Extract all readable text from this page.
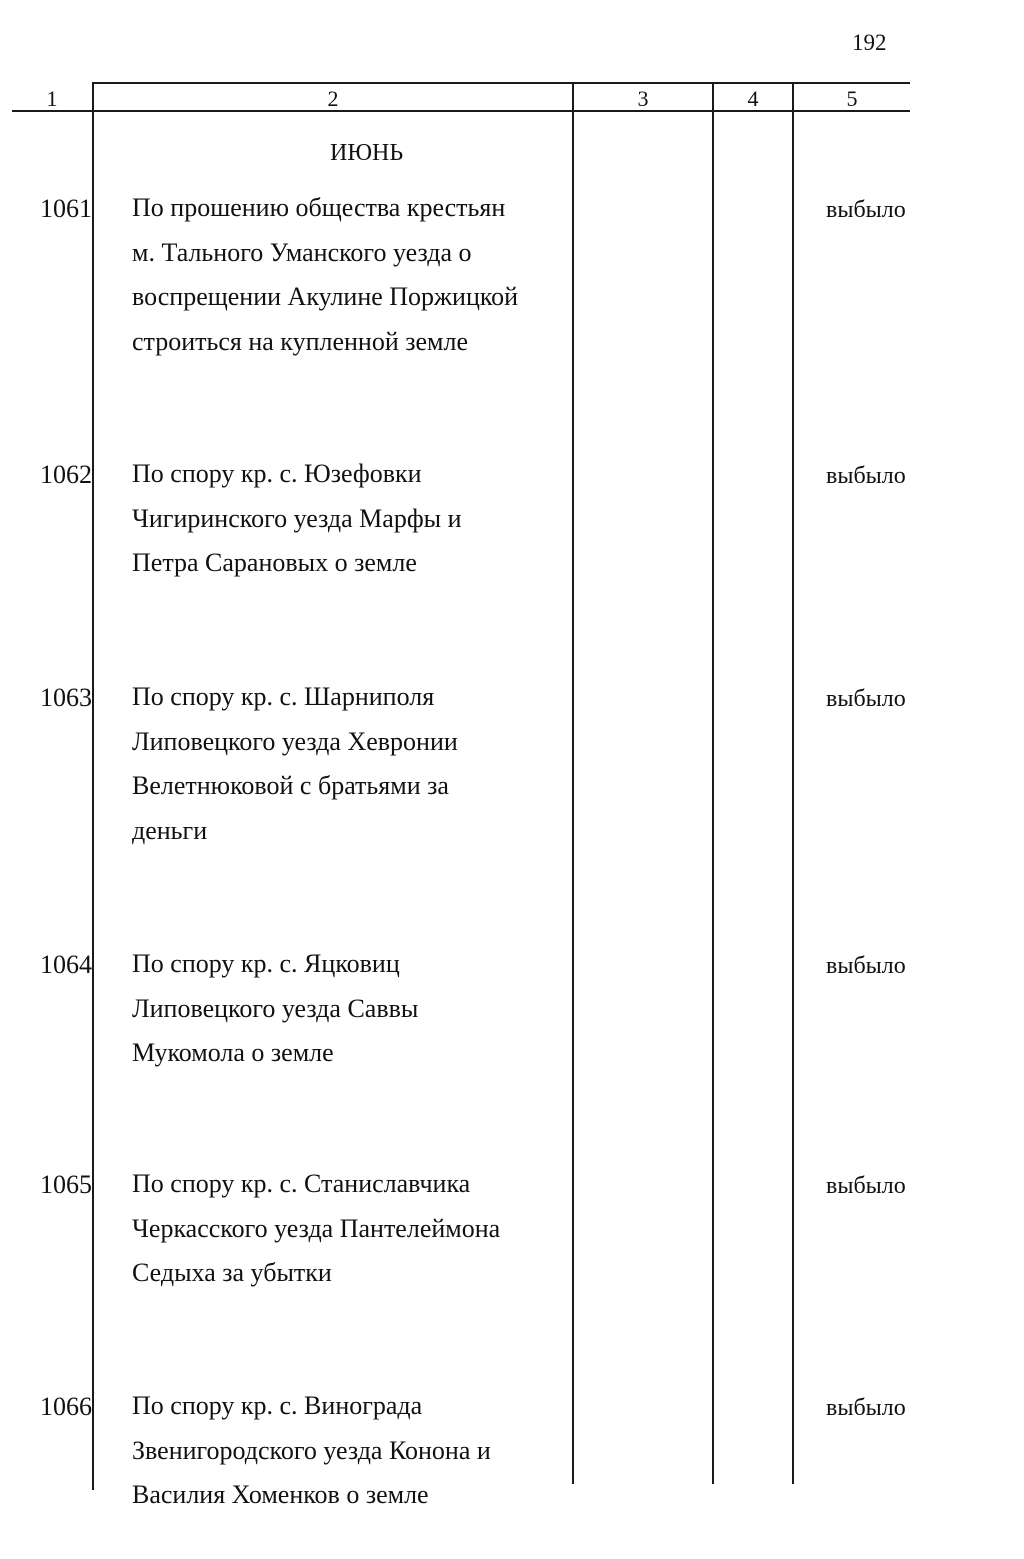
192
1	2	3	4	5
ИЮНЬ
1061 По прошению общества крестьян
м. Тального Уманского уезда о
воспрещении Акулине Поржицкой
строиться на купленной земле
выбыло
1062 По спору кр. с. Юзефовки
Чигиринского уезда Марфы и
Петра Сарановых о земле
выбыло
1063 По спору кр. с. Шарниполя
Липовецкого уезда Хевронии
Велетнюковой с братьями за
деньги
выбыло
1064 По спору кр. с. Яцковиц
Липовецкого уезда Саввы
Мукомола о земле
выбыло
1065 По спору кр. с. Станиславчика
Черкасского уезда Пантелеймона
Седыха за убытки
выбыло
1066 По спору кр. с. Винограда
Звенигородского уезда Конона и
Василия Хоменков о земле
выбыло
